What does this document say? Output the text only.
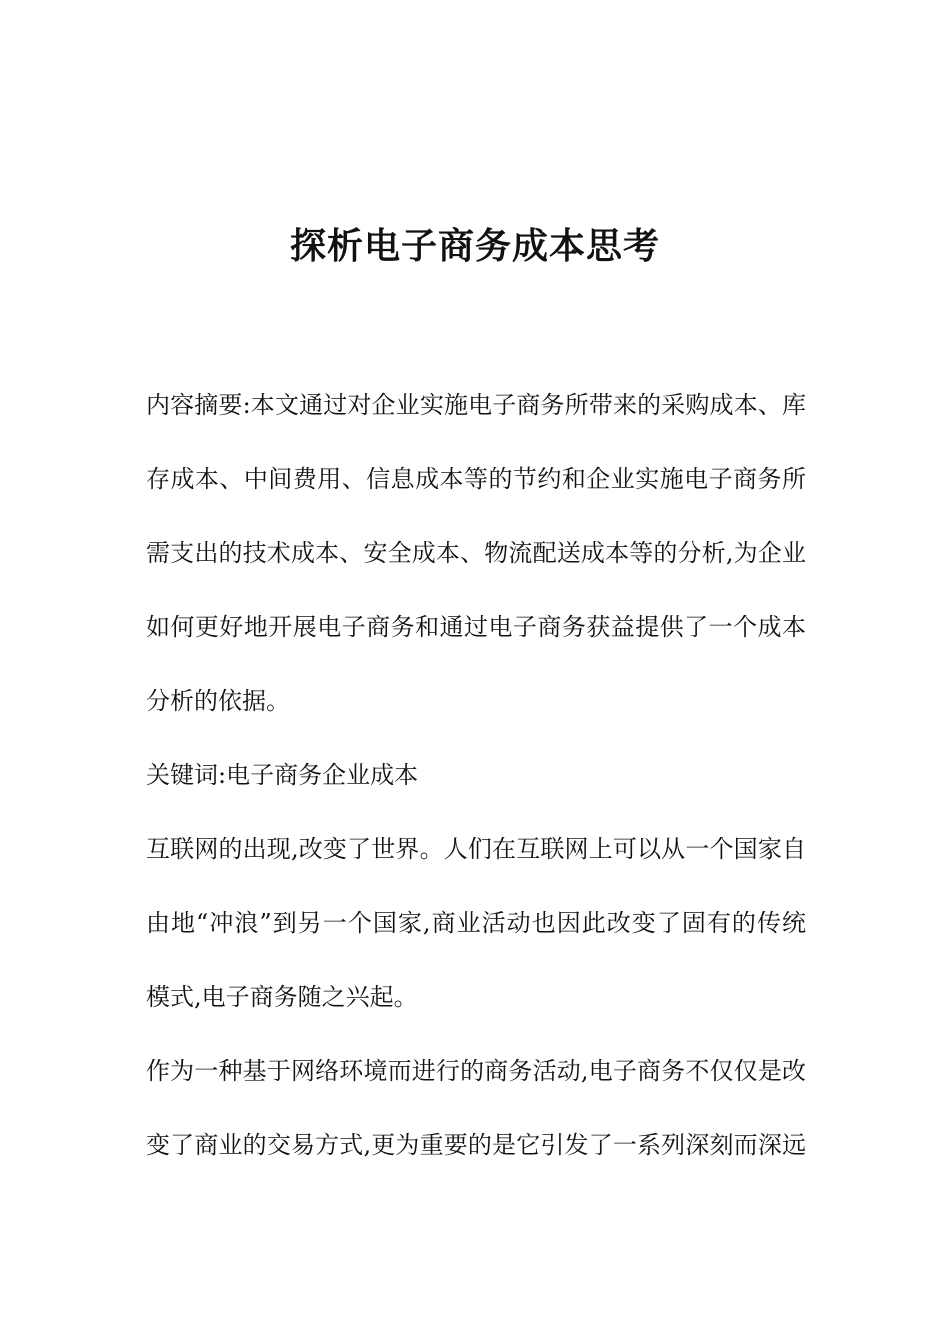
探析电子商务成本思考

内容摘要:本文通过对企业实施电子商务所带来的采购成本、库

存成本、中间费用、信息成本等的节约和企业实施电子商务所

需支出的技术成本、安全成本、物流配送成本等的分析,为企业

如何更好地开展电子商务和通过电子商务获益提供了一个成本

分析的依据。

关键词:电子商务企业成本

互联网的出现,改变了世界。人们在互联网上可以从一个国家自

由地“冲浪”到另一个国家,商业活动也因此改变了固有的传统

模式,电子商务随之兴起。

作为一种基于网络环境而进行的商务活动,电子商务不仅仅是改

变了商业的交易方式,更为重要的是它引发了一系列深刻而深远
